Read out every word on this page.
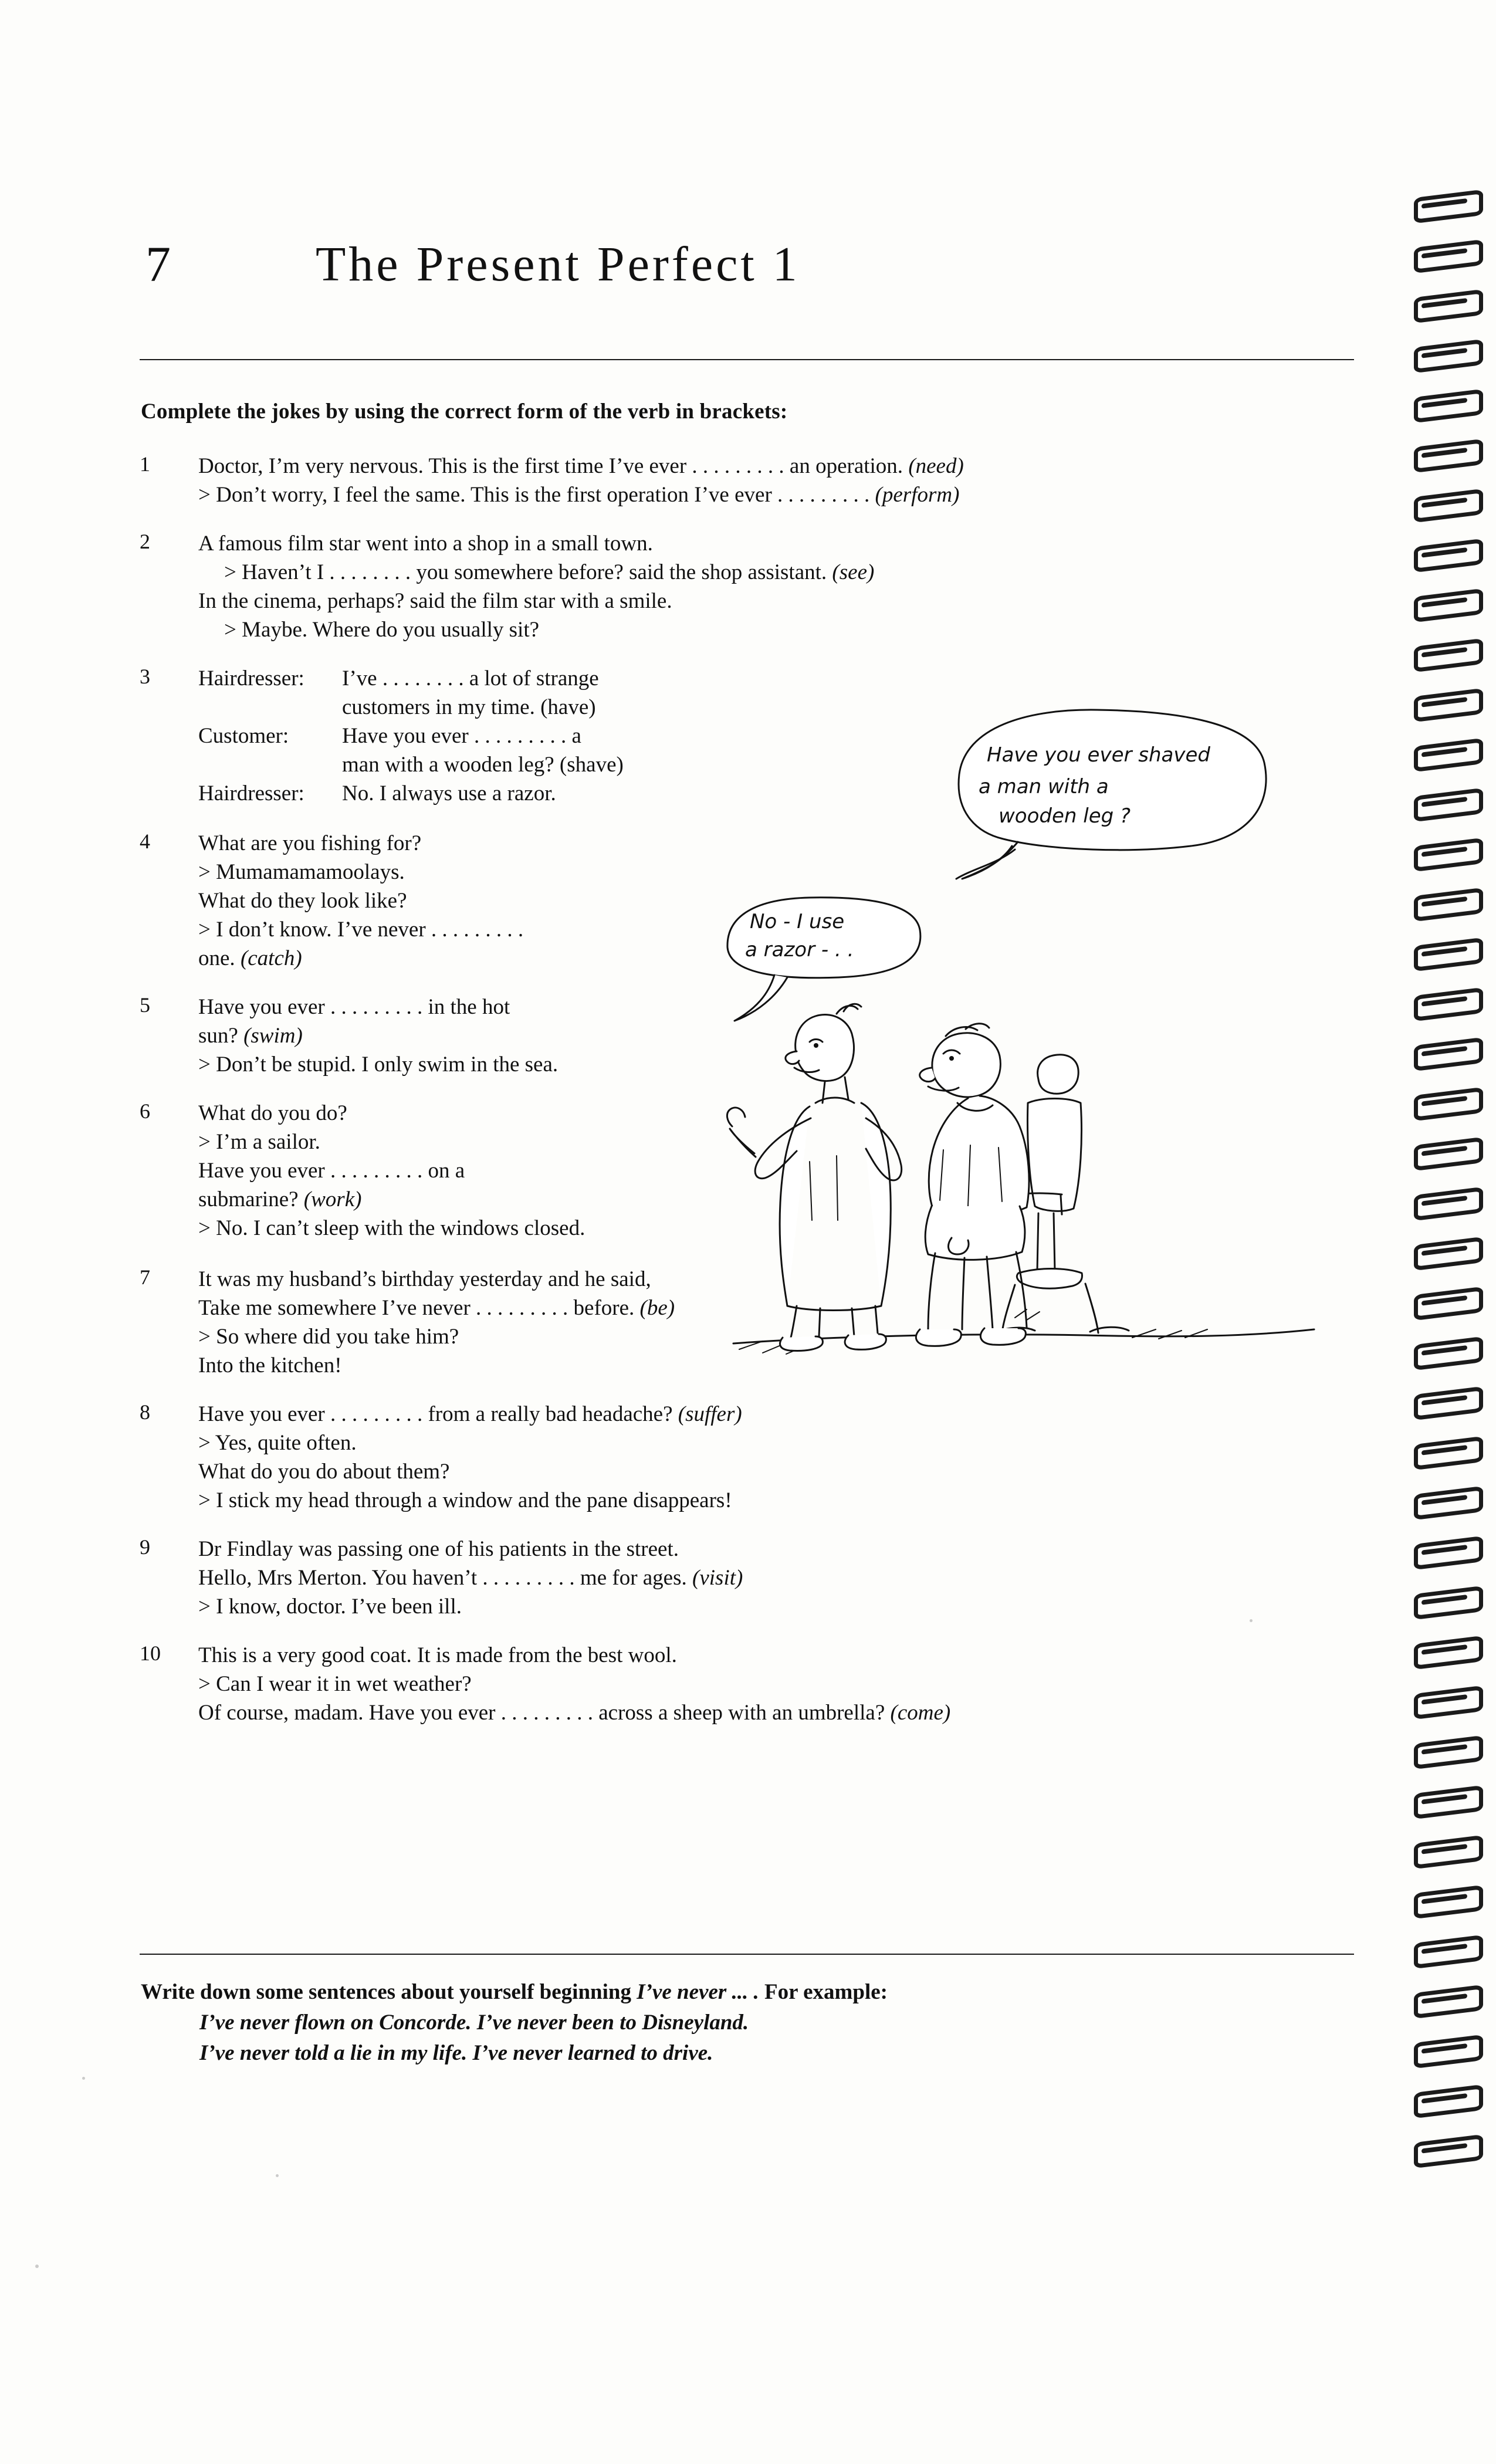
7	The Present Perfect 1
Complete the jokes by using the correct form of the verb in brackets:
1	Doctor, I’m very nervous. This is the first time I’ve ever . . . . . . . . . an operation. (need)
> Don’t worry, I feel the same. This is the first operation I’ve ever . . . . . . . . . (perform)
2	A famous film star went into a shop in a small town.
> Haven’t I . . . . . . . . you somewhere before? said the shop assistant. (see)
In the cinema, perhaps? said the film star with a smile.
> Maybe. Where do you usually sit?
3	Hairdresser:	I’ve . . . . . . . . a lot of strange
customers in my time. (have)
Customer:	Have you ever . . . . . . . . . a
man with a wooden leg? (shave)
Hairdresser:	No. I always use a razor.
4	What are you fishing for?
> Mumamamamoolays.
What do they look like?
> I don’t know. I’ve never . . . . . . . . .
one. (catch)
5	Have you ever . . . . . . . . . in the hot
sun? (swim)
> Don’t be stupid. I only swim in the sea.
6	What do you do?
> I’m a sailor.
Have you ever . . . . . . . . . on a
submarine? (work)
> No. I can’t sleep with the windows closed.
7	It was my husband’s birthday yesterday and he said,
Take me somewhere I’ve never . . . . . . . . . before. (be)
> So where did you take him?
Into the kitchen!
8	Have you ever . . . . . . . . . from a really bad headache? (suffer)
> Yes, quite often.
What do you do about them?
> I stick my head through a window and the pane disappears!
9	Dr Findlay was passing one of his patients in the street.
Hello, Mrs Merton. You haven’t . . . . . . . . . me for ages. (visit)
> I know, doctor. I’ve been ill.
10	This is a very good coat. It is made from the best wool.
> Can I wear it in wet weather?
Of course, madam. Have you ever . . . . . . . . . across a sheep with an umbrella? (come)
No - I use
a razor - . .
Have you ever shaved
a man with a
wooden leg ?
Write down some sentences about yourself beginning I’ve never ... . For example:
I’ve never flown on Concorde. I’ve never been to Disneyland.
I’ve never told a lie in my life. I’ve never learned to drive.
